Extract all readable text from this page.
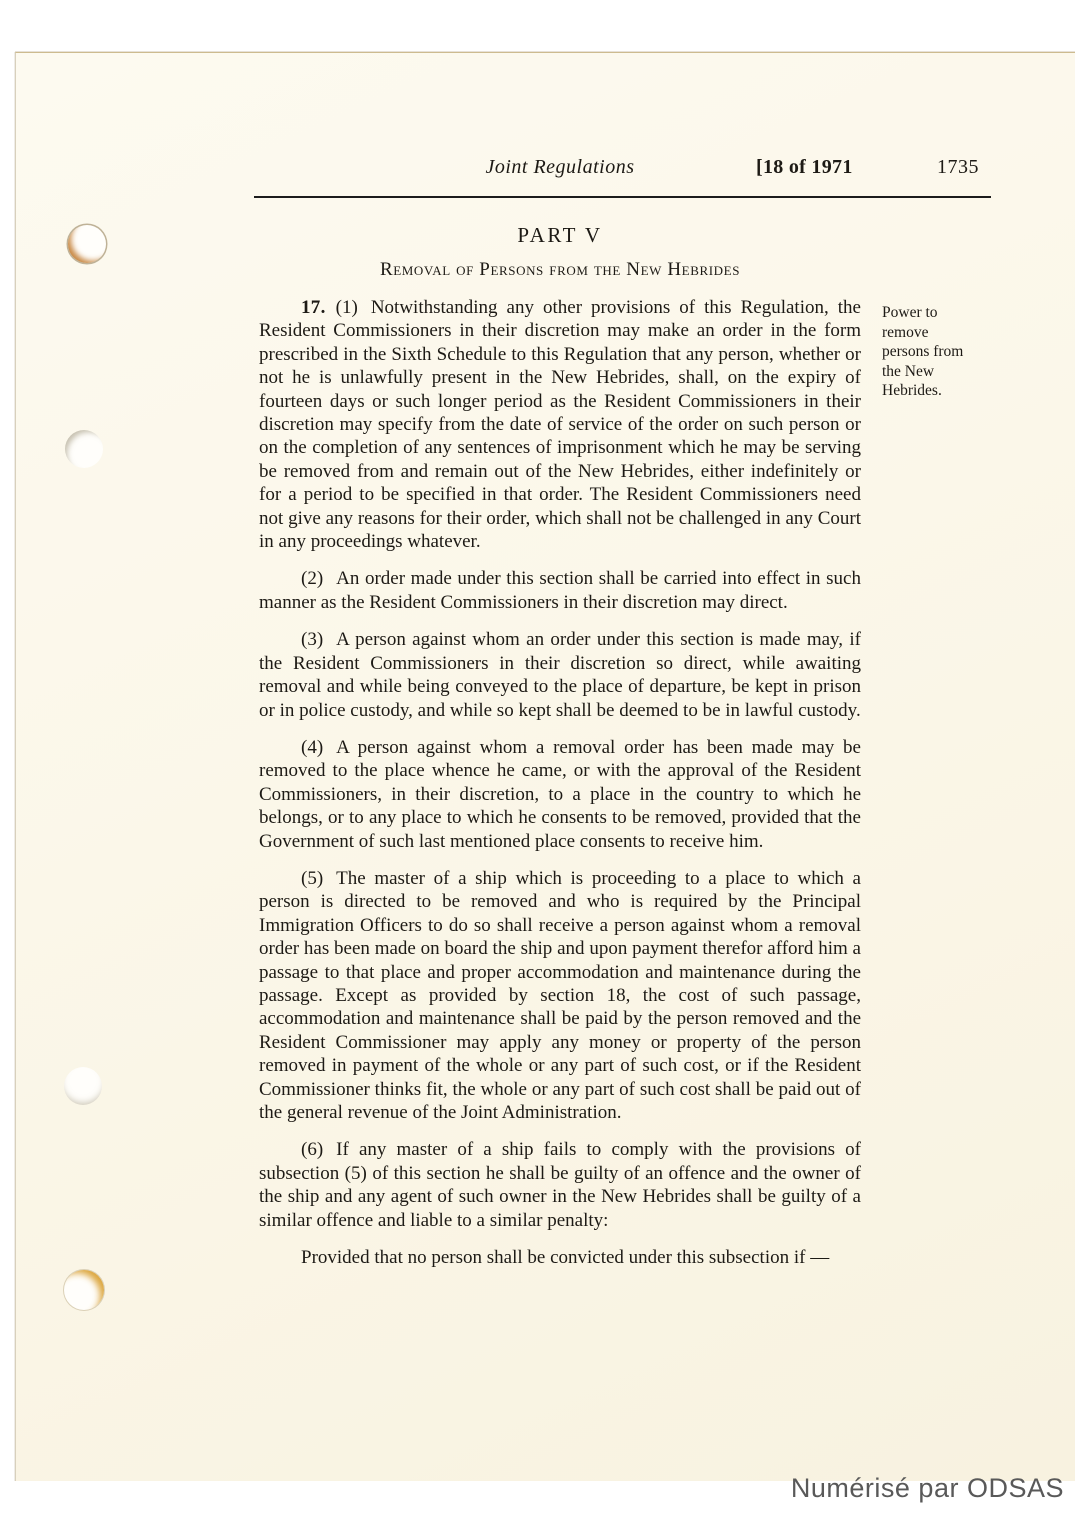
Joint Regulations	[18 of 1971	1735
PART V
Removal of Persons from the New Hebrides

17. (1) Notwithstanding any other provisions of this Regulation, the Resident Commissioners in their discretion may make an order in the form prescribed in the Sixth Schedule to this Regulation that any person, whether or not he is unlawfully present in the New Hebrides, shall, on the expiry of fourteen days or such longer period as the Resident Commissioners in their discretion may specify from the date of service of the order on such person or on the completion of any sentences of imprisonment which he may be serving be removed from and remain out of the New Hebrides, either indefinitely or for a period to be specified in that order. The Resident Commissioners need not give any reasons for their order, which shall not be challenged in any Court in any proceedings whatever.

(2) An order made under this section shall be carried into effect in such manner as the Resident Commissioners in their discretion may direct.

(3) A person against whom an order under this section is made may, if the Resident Commissioners in their discretion so direct, while awaiting removal and while being conveyed to the place of departure, be kept in prison or in police custody, and while so kept shall be deemed to be in lawful custody.

(4) A person against whom a removal order has been made may be removed to the place whence he came, or with the approval of the Resident Commissioners, in their discretion, to a place in the country to which he belongs, or to any place to which he consents to be removed, provided that the Government of such last mentioned place consents to receive him.

(5) The master of a ship which is proceeding to a place to which a person is directed to be removed and who is required by the Principal Immigration Officers to do so shall receive a person against whom a removal order has been made on board the ship and upon payment therefor afford him a passage to that place and proper accommodation and maintenance during the passage. Except as provided by section 18, the cost of such passage, accommodation and maintenance shall be paid by the person removed and the Resident Commissioner may apply any money or property of the person removed in payment of the whole or any part of such cost, or if the Resident Commissioner thinks fit, the whole or any part of such cost shall be paid out of the general revenue of the Joint Administration.

(6) If any master of a ship fails to comply with the provisions of subsection (5) of this section he shall be guilty of an offence and the owner of the ship and any agent of such owner in the New Hebrides shall be guilty of a similar offence and liable to a similar penalty:

Provided that no person shall be convicted under this subsection if —

Power to remove persons from the New Hebrides.
Numérisé par ODSAS
